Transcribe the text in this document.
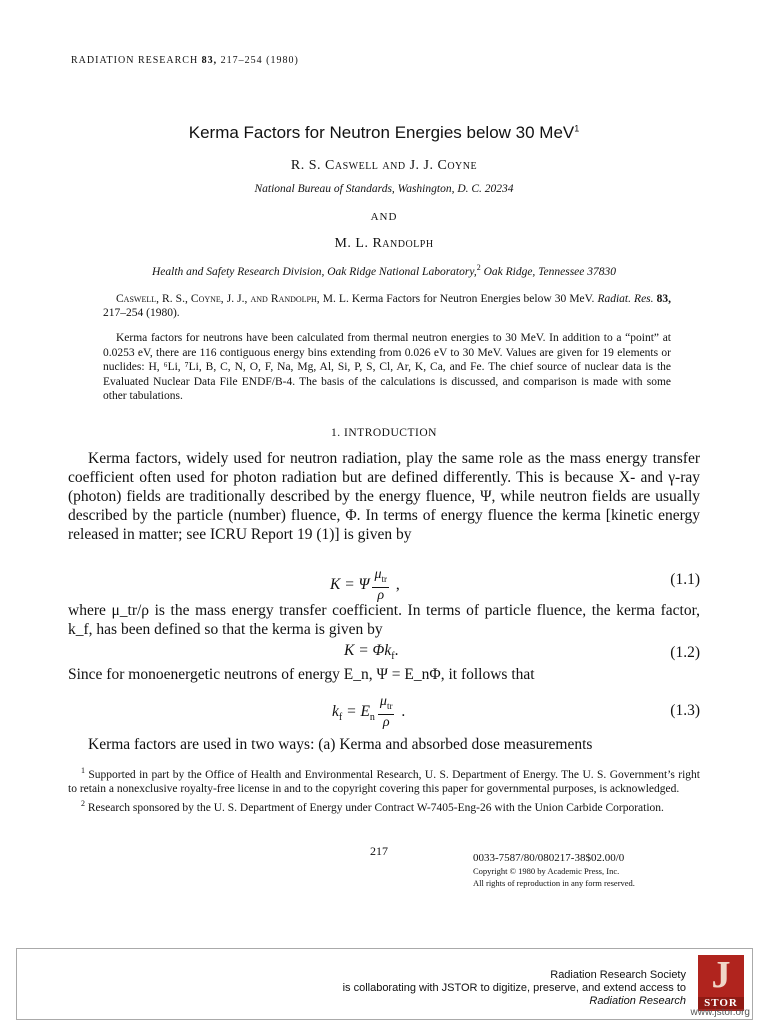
RADIATION RESEARCH 83, 217–254 (1980)
Kerma Factors for Neutron Energies below 30 MeV$^1$
R. S. Caswell and J. J. Coyne
National Bureau of Standards, Washington, D. C. 20234
AND
M. L. Randolph
Health and Safety Research Division, Oak Ridge National Laboratory,$^2$ Oak Ridge, Tennessee 37830
Caswell, R. S., Coyne, J. J., and Randolph, M. L. Kerma Factors for Neutron Energies below 30 MeV. Radiat. Res. 83, 217–254 (1980).
Kerma factors for neutrons have been calculated from thermal neutron energies to 30 MeV. In addition to a “point” at 0.0253 eV, there are 116 contiguous energy bins extending from 0.026 eV to 30 MeV. Values are given for 19 elements or nuclides: H, ⁶Li, ⁷Li, B, C, N, O, F, Na, Mg, Al, Si, P, S, Cl, Ar, K, Ca, and Fe. The chief source of nuclear data is the Evaluated Nuclear Data File ENDF/B-4. The basis of the calculations is discussed, and comparison is made with some other tabulations.
1. INTRODUCTION
Kerma factors, widely used for neutron radiation, play the same role as the mass energy transfer coefficient often used for photon radiation but are defined differently. This is because X- and γ-ray (photon) fields are traditionally described by the energy fluence, Ψ, while neutron fields are usually described by the particle (number) fluence, Φ. In terms of energy fluence the kerma [kinetic energy released in matter; see ICRU Report 19 (1)] is given by
K = Ψ $\frac{\mu_{tr}}{\rho}$ ,	(1.1)
where μ_tr/ρ is the mass energy transfer coefficient. In terms of particle fluence, the kerma factor, k_f, has been defined so that the kerma is given by
$K = \Phi k_f$.	(1.2)
Since for monoenergetic neutrons of energy E_n, Ψ = E_nΦ, it follows that
$k_f = E_n \frac{\mu_{tr}}{\rho}$ .	(1.3)
Kerma factors are used in two ways: (a) Kerma and absorbed dose measurements

$^1$ Supported in part by the Office of Health and Environmental Research, U. S. Department of Energy. The U. S. Government’s right to retain a nonexclusive royalty-free license in and to the copyright covering this paper for governmental purposes, is acknowledged.

$^2$ Research sponsored by the U. S. Department of Energy under Contract W-7405-Eng-26 with the Union Carbide Corporation.

217	0033-7587/80/080217-38$02.00/0
Copyright © 1980 by Academic Press, Inc.
All rights of reproduction in any form reserved.
Radiation Research Society
is collaborating with JSTOR to digitize, preserve, and extend access to
Radiation Research
J
STOR
www.jstor.org
